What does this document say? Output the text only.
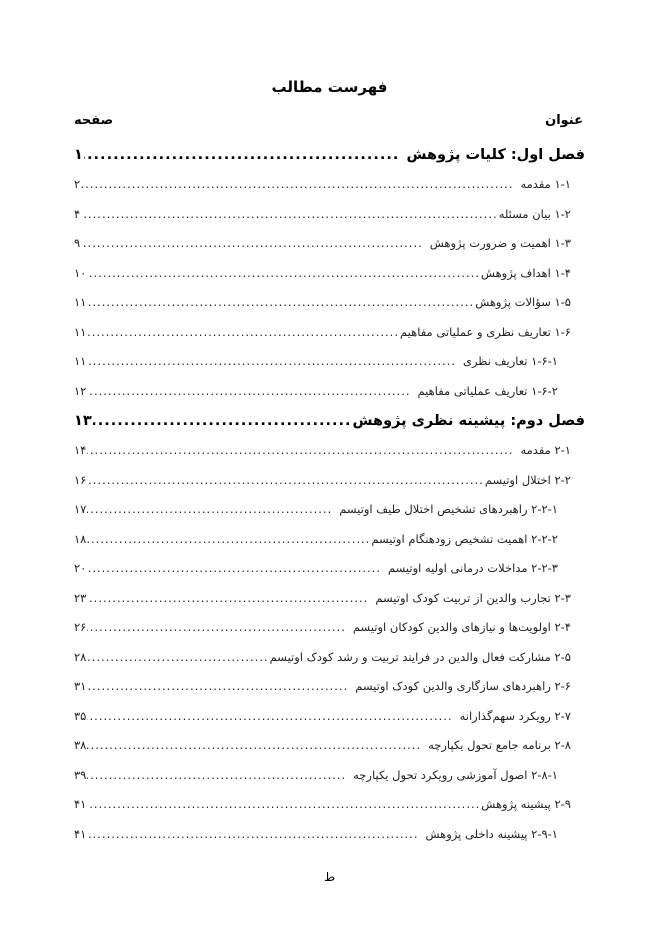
فهرست مطالب
عنوان
صفحه
۱ .....	فصل اول: کلیات پژوهش
۲ .....	۱-۱ مقدمه
۴ .....	۱-۲ بیان مسئله
۹ .....	۱-۳ اهمیت و ضرورت پژوهش
۱۰ .....	۱-۴ اهداف پژوهش
۱۱ .....	۱-۵ سؤالات پژوهش
۱۱ .....	۱-۶ تعاریف نظری و عملیاتی مفاهیم
۱۱ .....	۱-۶-۱ تعاریف نظری
۱۲ .....	۱-۶-۲ تعاریف عملیاتی مفاهیم
۱۳ .....	فصل دوم: پیشینه نظری پژوهش
۱۴ .....	۲-۱ مقدمه
۱۶ .....	۲-۲ اختلال اوتیسم
۱۷ .....	۲-۲-۱ راهبردهای تشخیص اختلال طیف اوتیسم
۱۸ .....	۲-۲-۲ اهمیت تشخیص زودهنگام اوتیسم
۲۰ .....	۲-۲-۳ مداخلات درمانی اولیه اوتیسم
۲۳ .....	۲-۳ تجارب والدین از تربیت کودک اوتیسم
۲۶ .....	۲-۴ اولویت‌ها و نیازهای والدین کودکان اوتیسم
۲۸ .....	۲-۵ مشارکت فعال والدین در فرایند تربیت و رشد کودک اوتیسم
۳۱ .....	۲-۶ راهبردهای سازگاری والدین کودک اوتیسم
۳۵ .....	۲-۷ رویکرد سهم‌گذارانه
۳۸ .....	۲-۸ برنامه جامع تحول یکپارچه
۳۹ .....	۲-۸-۱ اصول آموزشی رویکرد تحول یکپارچه
۴۱ .....	۲-۹ پیشینه پژوهش
۴۱ .....	۲-۹-۱ پیشینه داخلی پژوهش
ط
